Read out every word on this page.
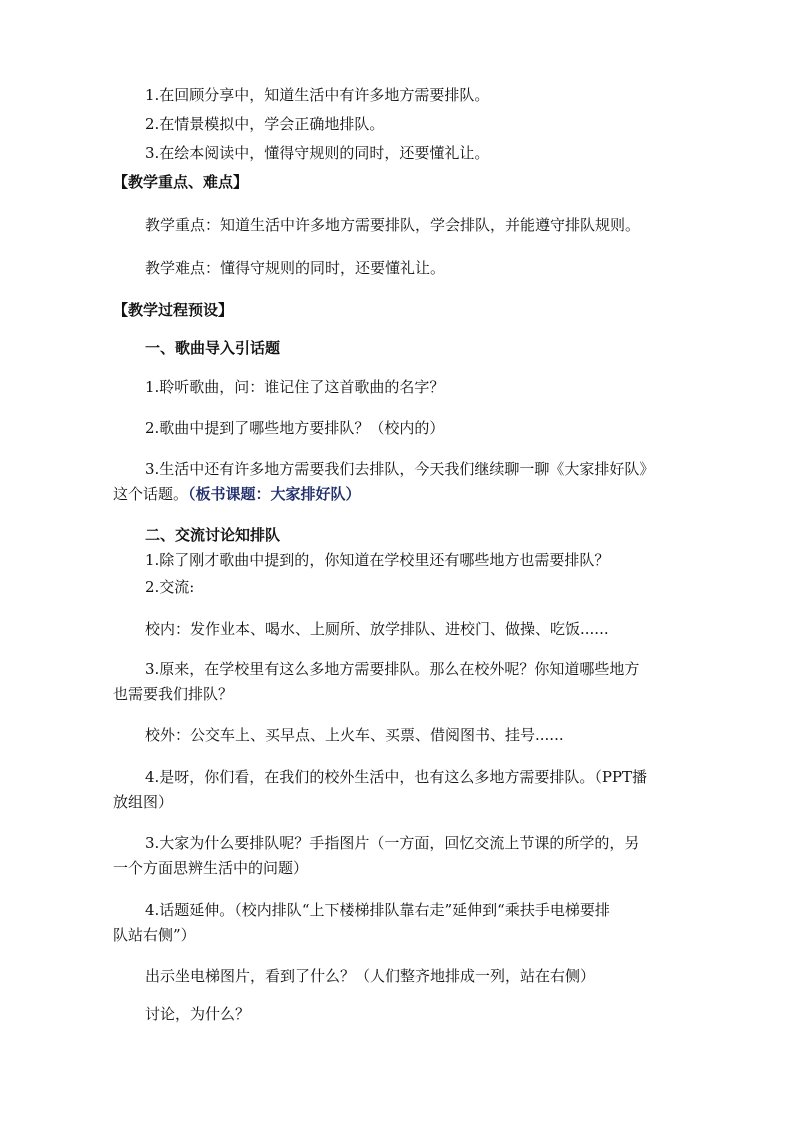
1.在回顾分享中，知道生活中有许多地方需要排队。
2.在情景模拟中，学会正确地排队。
3.在绘本阅读中，懂得守规则的同时，还要懂礼让。
【教学重点、难点】
教学重点：知道生活中许多地方需要排队，学会排队，并能遵守排队规则。
教学难点：懂得守规则的同时，还要懂礼让。
【教学过程预设】
一、歌曲导入引话题
1.聆听歌曲，问：谁记住了这首歌曲的名字？
2.歌曲中提到了哪些地方要排队？（校内的）
3.生活中还有许多地方需要我们去排队，今天我们继续聊一聊《大家排好队》
这个话题。（板书课题：大家排好队）
二、交流讨论知排队
1.除了刚才歌曲中提到的，你知道在学校里还有哪些地方也需要排队？
2.交流:
校内：发作业本、喝水、上厕所、放学排队、进校门、做操、吃饭......
3.原来，在学校里有这么多地方需要排队。那么在校外呢？你知道哪些地方
也需要我们排队？
校外：公交车上、买早点、上火车、买票、借阅图书、挂号......
4.是呀，你们看，在我们的校外生活中，也有这么多地方需要排队。（PPT播
放组图）
3.大家为什么要排队呢？手指图片（一方面，回忆交流上节课的所学的，另
一个方面思辨生活中的问题）
4.话题延伸。（校内排队“上下楼梯排队靠右走”延伸到“乘扶手电梯要排
队站右侧”）
出示坐电梯图片，看到了什么？（人们整齐地排成一列，站在右侧）
讨论，为什么？
